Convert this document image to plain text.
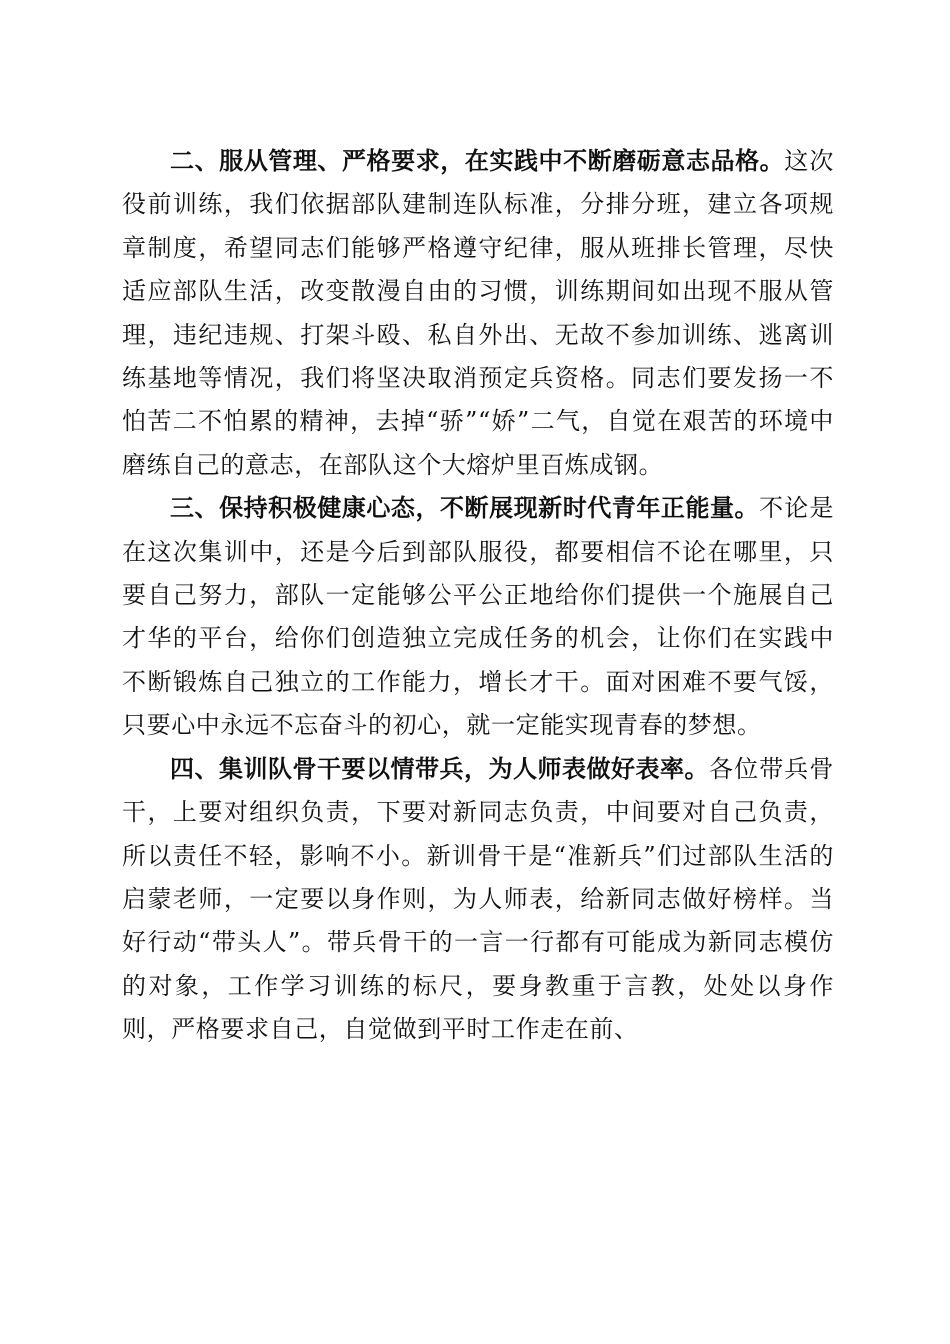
二、服从管理、严格要求，在实践中不断磨砺意志品格。这次役前训练，我们依据部队建制连队标准，分排分班，建立各项规章制度，希望同志们能够严格遵守纪律，服从班排长管理，尽快适应部队生活，改变散漫自由的习惯，训练期间如出现不服从管理，违纪违规、打架斗殴、私自外出、无故不参加训练、逃离训练基地等情况，我们将坚决取消预定兵资格。同志们要发扬一不怕苦二不怕累的精神，去掉“骄”“娇”二气，自觉在艰苦的环境中磨练自己的意志，在部队这个大熔炉里百炼成钢。

三、保持积极健康心态，不断展现新时代青年正能量。不论是在这次集训中，还是今后到部队服役，都要相信不论在哪里，只要自己努力，部队一定能够公平公正地给你们提供一个施展自己才华的平台，给你们创造独立完成任务的机会，让你们在实践中不断锻炼自己独立的工作能力，增长才干。面对困难不要气馁，只要心中永远不忘奋斗的初心，就一定能实现青春的梦想。

四、集训队骨干要以情带兵，为人师表做好表率。各位带兵骨干，上要对组织负责，下要对新同志负责，中间要对自己负责，所以责任不轻，影响不小。新训骨干是“准新兵”们过部队生活的启蒙老师，一定要以身作则，为人师表，给新同志做好榜样。当好行动“带头人”。带兵骨干的一言一行都有可能成为新同志模仿的对象，工作学习训练的标尺，要身教重于言教，处处以身作则，严格要求自己，自觉做到平时工作走在前、
